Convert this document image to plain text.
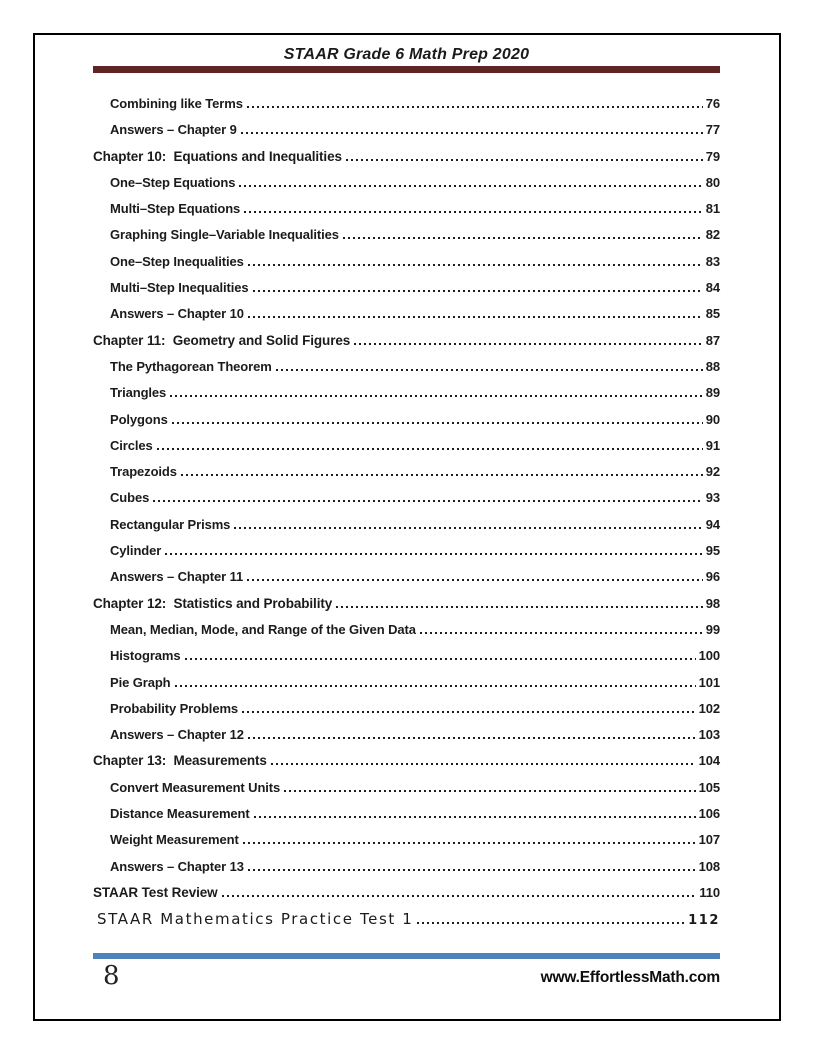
STAAR Grade 6 Math Prep 2020
Combining like Terms	76
Answers – Chapter 9	77
Chapter 10:  Equations and Inequalities	79
One–Step Equations	80
Multi–Step Equations	81
Graphing Single–Variable Inequalities	82
One–Step Inequalities	83
Multi–Step Inequalities	84
Answers – Chapter 10	85
Chapter 11:  Geometry and Solid Figures	87
The Pythagorean Theorem	88
Triangles	89
Polygons	90
Circles	91
Trapezoids	92
Cubes	93
Rectangular Prisms	94
Cylinder	95
Answers – Chapter 11	96
Chapter 12:  Statistics and Probability	98
Mean, Median, Mode, and Range of the Given Data	99
Histograms	100
Pie Graph	101
Probability Problems	102
Answers – Chapter 12	103
Chapter 13:  Measurements	104
Convert Measurement Units	105
Distance Measurement	106
Weight Measurement	107
Answers – Chapter 13	108
STAAR Test Review	110
STAAR Mathematics Practice Test 1	112
8	www.EffortlessMath.com
